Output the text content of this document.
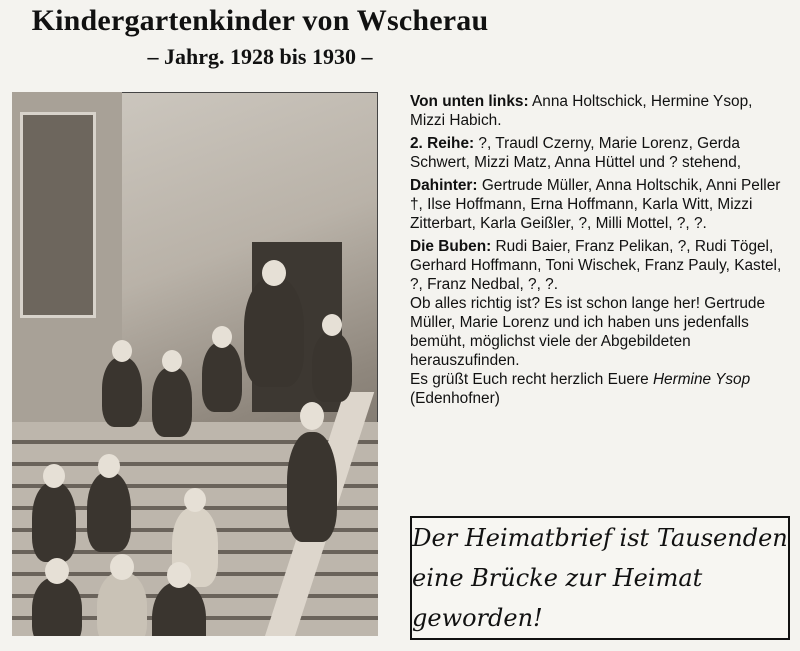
Kindergartenkinder von Wscherau
– Jahrg. 1928 bis 1930 –

Von unten links: Anna Holtschick, Hermine Ysop, Mizzi Habich.

2. Reihe: ?, Traudl Czerny, Marie Lorenz, Gerda Schwert, Mizzi Matz, Anna Hüttel und ? stehend,

Dahinter: Gertrude Müller, Anna Holtschik, Anni Peller †, Ilse Hoffmann, Erna Hoffmann, Karla Witt, Mizzi Zitterbart, Karla Geißler, ?, Milli Mottel, ?, ?.

Die Buben: Rudi Baier, Franz Pelikan, ?, Rudi Tögel, Gerhard Hoffmann, Toni Wischek, Franz Pauly, Kastel, ?, Franz Nedbal, ?, ?.
Ob alles richtig ist? Es ist schon lange her! Gertrude Müller, Marie Lorenz und ich haben uns jedenfalls bemüht, möglichst viele der Abgebildeten herauszufinden.
Es grüßt Euch recht herzlich Euere Hermine Ysop (Edenhofner)

Der Heimatbrief ist Tausenden
eine Brücke zur Heimat geworden!
